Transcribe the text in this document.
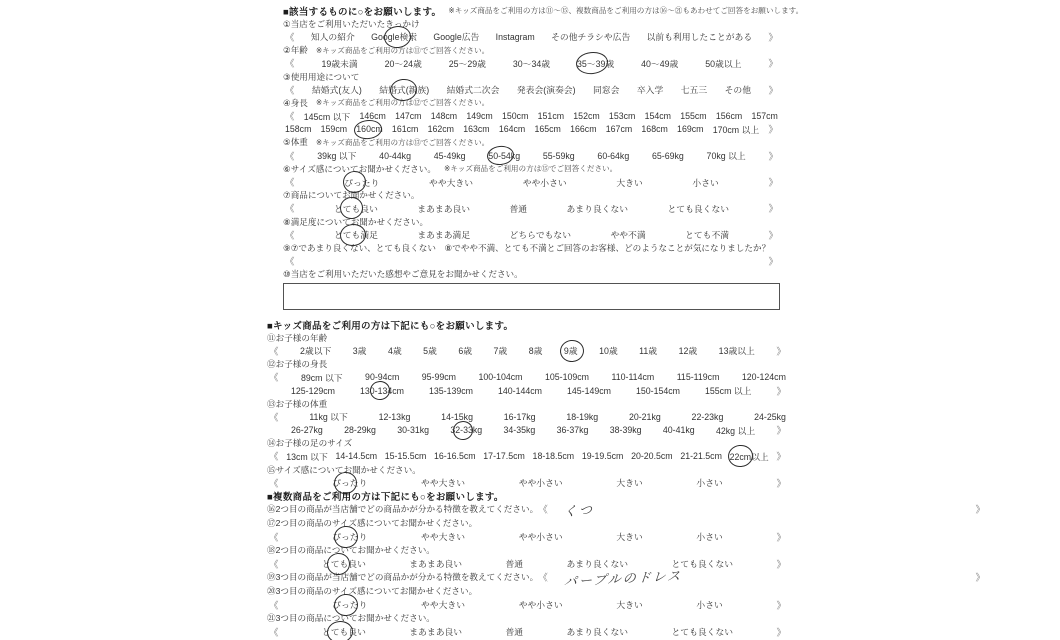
■該当するものに○をお願いします。 ※キッズ商品をご利用の方は⑪～⑮、複数商品をご利用の方は⑯～㉑もあわせてご回答をお願いします。
①当店をご利用いただいたきっかけ
《 知人の紹介 Google検索 Google広告 Instagram その他チラシや広告 以前も利用したことがある 》
②年齢 ※キッズ商品をご利用の方は⑪でご回答ください。
《	19歳未満	20～24歳	25～29歳	30～34歳	35～39歳	40～49歳	50歳以上	》
③使用用途について
《 結婚式(友人) 結婚式(親族) 結婚式二次会 発表会(演奏会) 同窓会 卒入学 七五三 その他 》
④身長 ※キッズ商品をご利用の方は⑫でご回答ください。
《 145cm 以下 146cm 147cm 148cm 149cm 150cm 151cm 152cm 153cm 154cm 155cm 156cm 157cm
158cm 159cm 160cm 161cm 162cm 163cm 164cm 165cm 166cm 167cm 168cm 169cm 170cm 以上 》
⑤体重 ※キッズ商品をご利用の方は⑬でご回答ください。
《	39kg 以下	40-44kg	45-49kg	50-54kg	55-59kg	60-64kg	65-69kg	70kg 以上 》
⑥サイズ感についてお聞かせください。 ※キッズ商品をご利用の方は⑮でご回答ください。
《	ぴったり	やや大きい	やや小さい	大きい	小さい	》
⑦商品についてお聞かせください。
《	とても良い	まあまあ良い	普通	あまり良くない	とても良くない	》
⑧満足度についてお聞かせください。
《	とても満足	まあまあ満足	どちらでもない	やや不満	とても不満	》
⑨⑦であまり良くない、とても良くない　⑧でやや不満、とても不満とご回答のお客様、どのようなことが気になりましたか？
《	》
⑩当店をご利用いただいた感想やご意見をお聞かせください。
■キッズ商品をご利用の方は下記にも○をお願いします。
⑪お子様の年齢
《 2歳以下 3歳 4歳 5歳 6歳 7歳 8歳 9歳 10歳 11歳 12歳 13歳以上 》
⑫お子様の身長
《	89cm 以下	90-94cm	95-99cm	100-104cm	105-109cm	110-114cm	115-119cm	120-124cm
125-129cm	130-134cm	135-139cm	140-144cm	145-149cm	150-154cm	155cm 以上	》
⑬お子様の体重
《	11kg 以下	12-13kg	14-15kg	16-17kg	18-19kg	20-21kg	22-23kg	24-25kg
26-27kg 28-29kg 30-31kg 32-33kg 34-35kg 36-37kg 38-39kg 40-41kg 42kg 以上 》
⑭お子様の足のサイズ
《 13cm 以下 14-14.5cm 15-15.5cm 16-16.5cm 17-17.5cm 18-18.5cm 19-19.5cm 20-20.5cm 21-21.5cm 22cm以上 》
⑮サイズ感についてお聞かせください。
《	ぴったり	やや大きい	やや小さい	大きい	小さい	》
■複数商品をご利用の方は下記にも○をお願いします。
⑯2つ目の商品が当店舗でどの商品かが分かる特徴を教えてください。 《 くつ	》
⑰2つ目の商品のサイズ感についてお聞かせください。
《	ぴったり	やや大きい	やや小さい	大きい	小さい	》
⑱2つ目の商品についてお聞かせください。
《	とても良い	まあまあ良い	普通	あまり良くない	とても良くない	》
⑲3つ目の商品が当店舗でどの商品かが分かる特徴を教えてください。 《 パープルのドレス	》
⑳3つ目の商品のサイズ感についてお聞かせください。
《	ぴったり	やや大きい	やや小さい	大きい	小さい	》
㉑3つ目の商品についてお聞かせください。
《	とても良い	まあまあ良い	普通	あまり良くない	とても良くない	》
